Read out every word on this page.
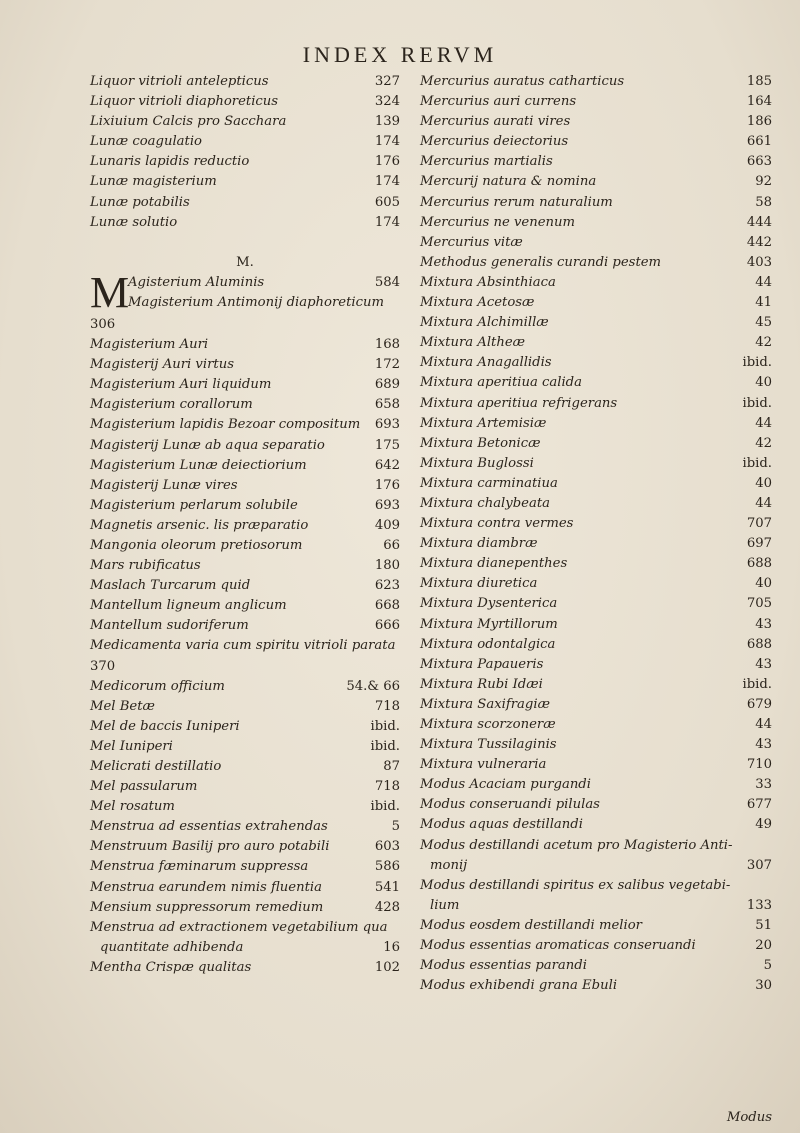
INDEX RERVM
Liquor vitrioli antelepticus	327
Liquor vitrioli diaphoreticus	324
Lixiuium Calcis pro Sacchara	139
Lunæ coagulatio	174
Lunaris lapidis reductio	176
Lunæ magisterium	174
Lunæ potabilis	605
Lunæ solutio	174
M.
M
Agisterium Aluminis	584
Magisterium Antimonij diaphoreticum
306
Magisterium Auri	168
Magisterij Auri virtus	172
Magisterium Auri liquidum	689
Magisterium corallorum	658
Magisterium lapidis Bezoar compositum 693
Magisterij Lunæ ab aqua separatio	175
Magisterium Lunæ deiectiorium	642
Magisterij Lunæ vires	176
Magisterium perlarum solubile	693
Magnetis arsenic. lis præparatio	409
Mangonia oleorum pretiosorum	66
Mars rubificatus	180
Maslach Turcarum quid	623
Mantellum ligneum anglicum	668
Mantellum sudoriferum	666
Medicamenta varia cum spiritu vitrioli parata
370
Medicorum officium	54.& 66
Mel Betæ	718
Mel de baccis Iuniperi	ibid.
Mel Iuniperi	ibid.
Melicrati destillatio	87
Mel passularum	718
Mel rosatum	ibid.
Menstrua ad essentias extrahendas	5
Menstruum Basilij pro auro potabili	603
Menstrua fæminarum suppressa	586
Menstrua earundem nimis fluentia	541
Mensium suppressorum remedium	428
Menstrua ad extractionem vegetabilium qua
quantitate adhibenda	16
Mentha Crispæ qualitas	102
Mercurius auratus catharticus	185
Mercurius auri currens	164
Mercurius aurati vires	186
Mercurius deiectorius	661
Mercurius martialis	663
Mercurij natura & nomina	92
Mercurius rerum naturalium	58
Mercurius ne venenum	444
Mercurius vitæ	442
Methodus generalis curandi pestem	403
Mixtura Absinthiaca	44
Mixtura Acetosæ	41
Mixtura Alchimillæ	45
Mixtura Altheæ	42
Mixtura Anagallidis	ibid.
Mixtura aperitiua calida	40
Mixtura aperitiua refrigerans	ibid.
Mixtura Artemisiæ	44
Mixtura Betonicæ	42
Mixtura Buglossi	ibid.
Mixtura carminatiua	40
Mixtura chalybeata	44
Mixtura contra vermes	707
Mixtura diambræ	697
Mixtura dianepenthes	688
Mixtura diuretica	40
Mixtura Dysenterica	705
Mixtura Myrtillorum	43
Mixtura odontalgica	688
Mixtura Papaueris	43
Mixtura Rubi Idæi	ibid.
Mixtura Saxifragiæ	679
Mixtura scorzoneræ	44
Mixtura Tussilaginis	43
Mixtura vulneraria	710
Modus Acaciam purgandi	33
Modus conseruandi pilulas	677
Modus aquas destillandi	49
Modus destillandi acetum pro Magisterio Anti-
monij	307
Modus destillandi spiritus ex salibus vegetabi-
lium	133
Modus eosdem destillandi melior	51
Modus essentias aromaticas conseruandi	20
Modus essentias parandi	5
Modus exhibendi grana Ebuli	30
Modus
